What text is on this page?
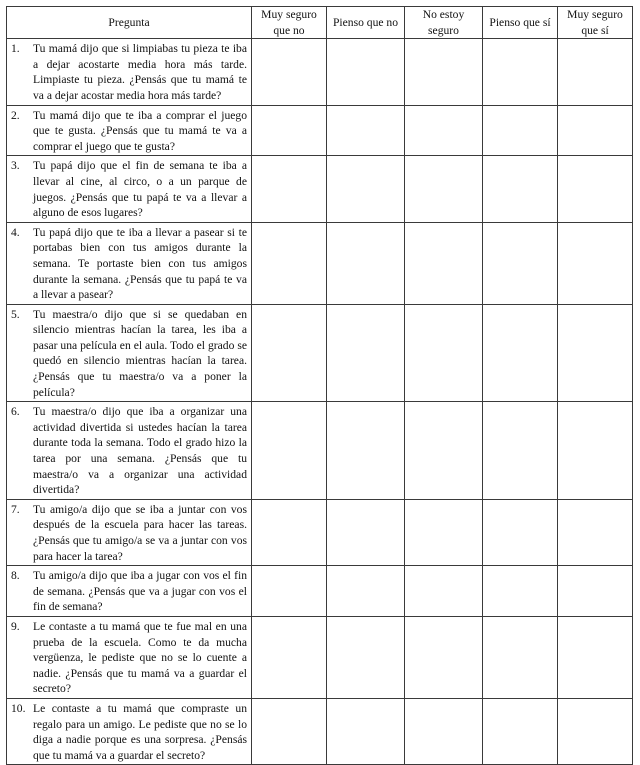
Pregunta	Muy seguro que no	Pienso que no	No estoy seguro	Pienso que sí	Muy seguro que sí

1. Tu mamá dijo que si limpiabas tu pieza te iba a dejar acostarte media hora más tarde. Limpiaste tu pieza. ¿Pensás que tu mamá te va a dejar acostar media hora más tarde?					

2. Tu mamá dijo que te iba a comprar el juego que te gusta. ¿Pensás que tu mamá te va a comprar el juego que te gusta?					

3. Tu papá dijo que el fin de semana te iba a llevar al cine, al circo, o a un parque de juegos. ¿Pensás que tu papá te va a llevar a alguno de esos lugares?					

4. Tu papá dijo que te iba a llevar a pasear si te portabas bien con tus amigos durante la semana. Te portaste bien con tus amigos durante la semana. ¿Pensás que tu papá te va a llevar a pasear?					

5. Tu maestra/o dijo que si se quedaban en silencio mientras hacían la tarea, les iba a pasar una película en el aula. Todo el grado se quedó en silencio mientras hacían la tarea. ¿Pensás que tu maestra/o va a poner la película?					

6. Tu maestra/o dijo que iba a organizar una actividad divertida si ustedes hacían la tarea durante toda la semana. Todo el grado hizo la tarea por una semana. ¿Pensás que tu maestra/o va a organizar una actividad divertida?					

7. Tu amigo/a dijo que se iba a juntar con vos después de la escuela para hacer las tareas. ¿Pensás que tu amigo/a se va a juntar con vos para hacer la tarea?					

8. Tu amigo/a dijo que iba a jugar con vos el fin de semana. ¿Pensás que va a jugar con vos el fin de semana?					

9. Le contaste a tu mamá que te fue mal en una prueba de la escuela. Como te da mucha vergüenza, le pediste que no se lo cuente a nadie. ¿Pensás que tu mamá va a guardar el secreto?					

10. Le contaste a tu mamá que compraste un regalo para un amigo. Le pediste que no se lo diga a nadie porque es una sorpresa. ¿Pensás que tu mamá va a guardar el secreto?					
